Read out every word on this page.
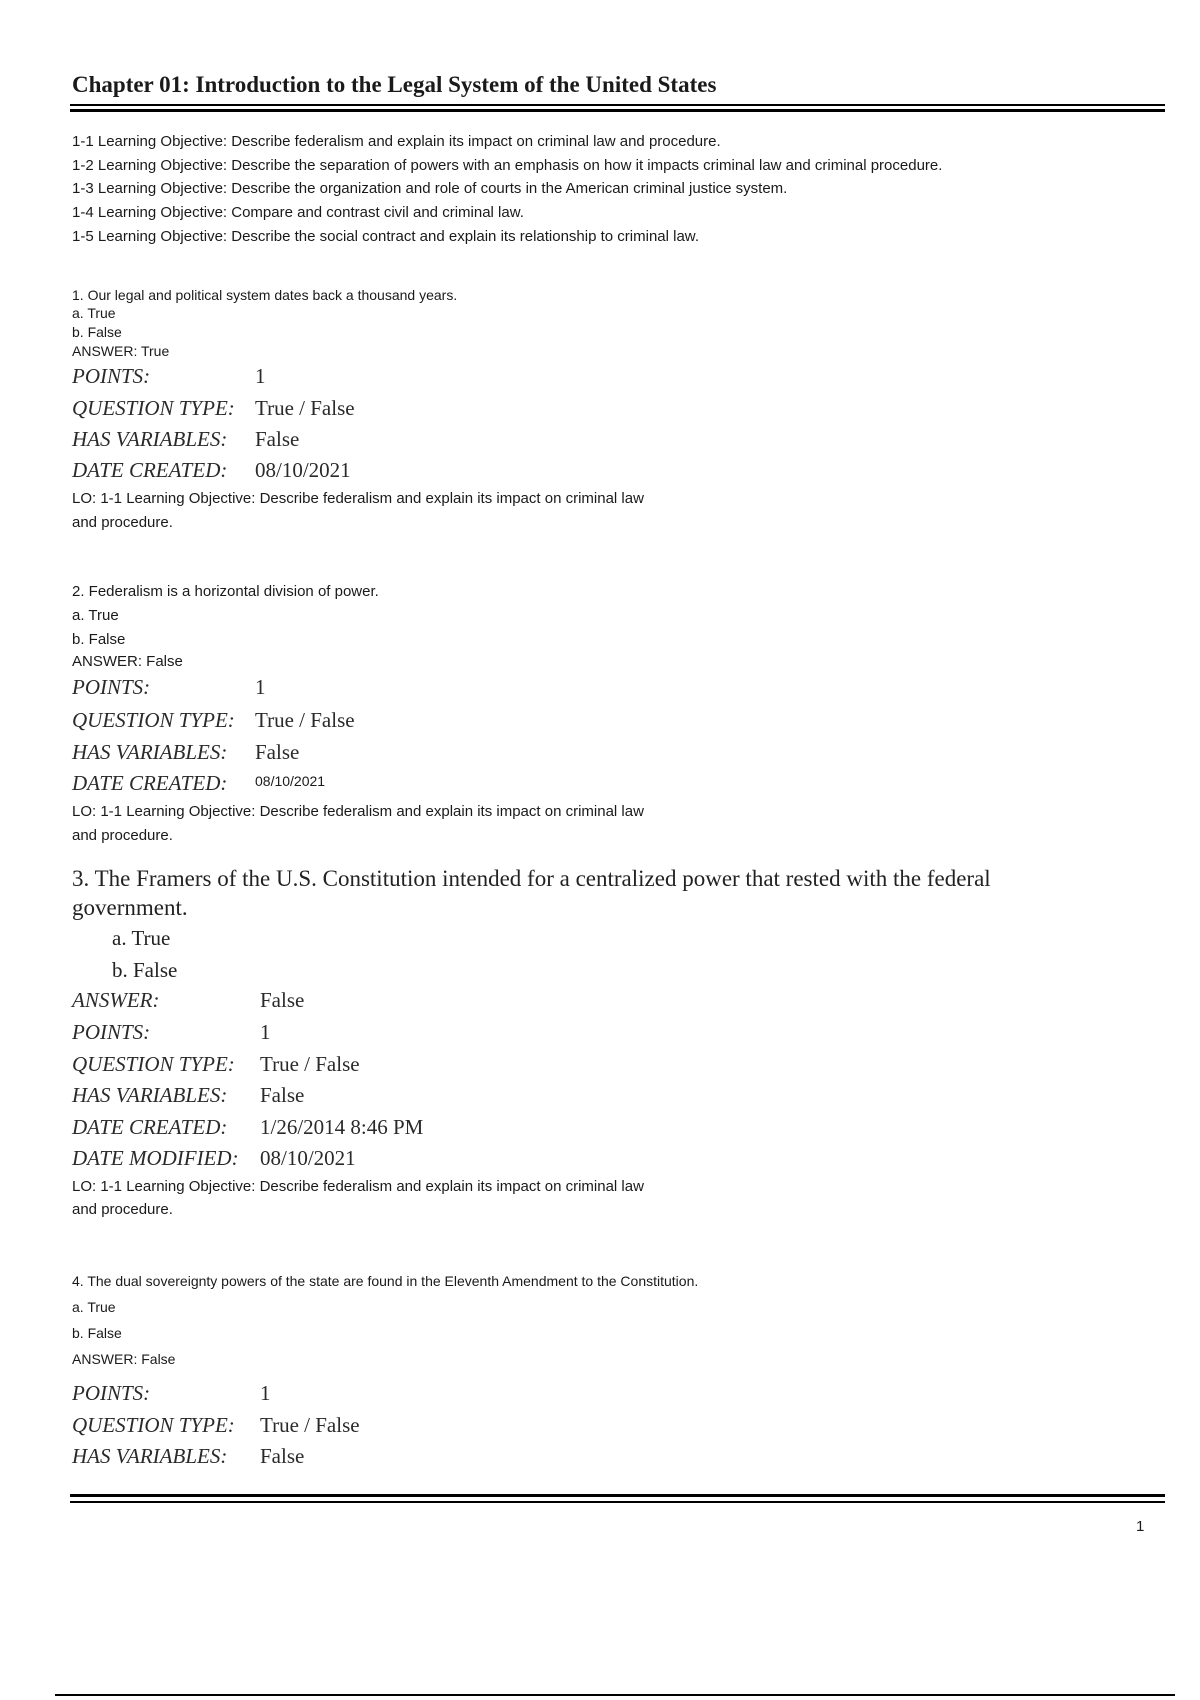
Chapter 01: Introduction to the Legal System of the United States
1-1 Learning Objective: Describe federalism and explain its impact on criminal law and procedure.
1-2 Learning Objective: Describe the separation of powers with an emphasis on how it impacts criminal law and criminal procedure.
1-3 Learning Objective: Describe the organization and role of courts in the American criminal justice system.
1-4 Learning Objective: Compare and contrast civil and criminal law.
1-5 Learning Objective: Describe the social contract and explain its relationship to criminal law.
1. Our legal and political system dates back a thousand years.
a. True
b. False
ANSWER: True
POINTS:	1
QUESTION TYPE: True / False
HAS VARIABLES: False
DATE CREATED: 08/10/2021
LO: 1-1 Learning Objective: Describe federalism and explain its impact on criminal law
and procedure.
2. Federalism is a horizontal division of power.
a. True
b. False
ANSWER: False
POINTS:	1
QUESTION TYPE: True / False
HAS VARIABLES: False
DATE CREATED: 08/10/2021
LO: 1-1 Learning Objective: Describe federalism and explain its impact on criminal law
and procedure.
3. The Framers of the U.S. Constitution intended for a centralized power that rested with the federal
government.
a. True
b. False
ANSWER:	False
POINTS:	1
QUESTION TYPE: True / False
HAS VARIABLES: False
DATE CREATED: 1/26/2014 8:46 PM
DATE MODIFIED: 08/10/2021
LO: 1-1 Learning Objective: Describe federalism and explain its impact on criminal law
and procedure.
4. The dual sovereignty powers of the state are found in the Eleventh Amendment to the Constitution.
a. True
b. False
ANSWER: False
POINTS:	1
QUESTION TYPE: True / False
HAS VARIABLES: False
1
